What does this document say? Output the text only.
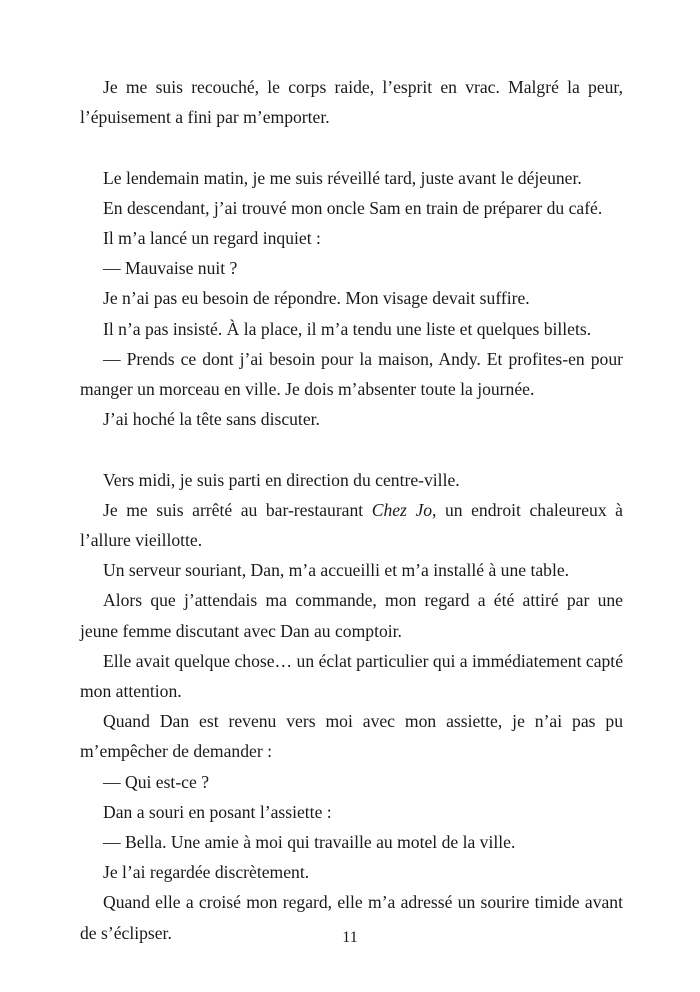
Je me suis recouché, le corps raide, l’esprit en vrac. Malgré la peur, l’épuisement a fini par m’emporter.

Le lendemain matin, je me suis réveillé tard, juste avant le déjeuner.

En descendant, j’ai trouvé mon oncle Sam en train de préparer du café.

Il m’a lancé un regard inquiet :

— Mauvaise nuit ?

Je n’ai pas eu besoin de répondre. Mon visage devait suffire.

Il n’a pas insisté. À la place, il m’a tendu une liste et quelques billets.

— Prends ce dont j’ai besoin pour la maison, Andy. Et profites-en pour manger un morceau en ville. Je dois m’absenter toute la journée.

J’ai hoché la tête sans discuter.

Vers midi, je suis parti en direction du centre-ville.

Je me suis arrêté au bar-restaurant Chez Jo, un endroit chaleureux à l’allure vieillotte.

Un serveur souriant, Dan, m’a accueilli et m’a installé à une table.

Alors que j’attendais ma commande, mon regard a été attiré par une jeune femme discutant avec Dan au comptoir.

Elle avait quelque chose… un éclat particulier qui a immédiatement capté mon attention.

Quand Dan est revenu vers moi avec mon assiette, je n’ai pas pu m’empêcher de demander :

— Qui est-ce ?

Dan a souri en posant l’assiette :

— Bella. Une amie à moi qui travaille au motel de la ville.

Je l’ai regardée discrètement.

Quand elle a croisé mon regard, elle m’a adressé un sourire timide avant de s’éclipser.	11
